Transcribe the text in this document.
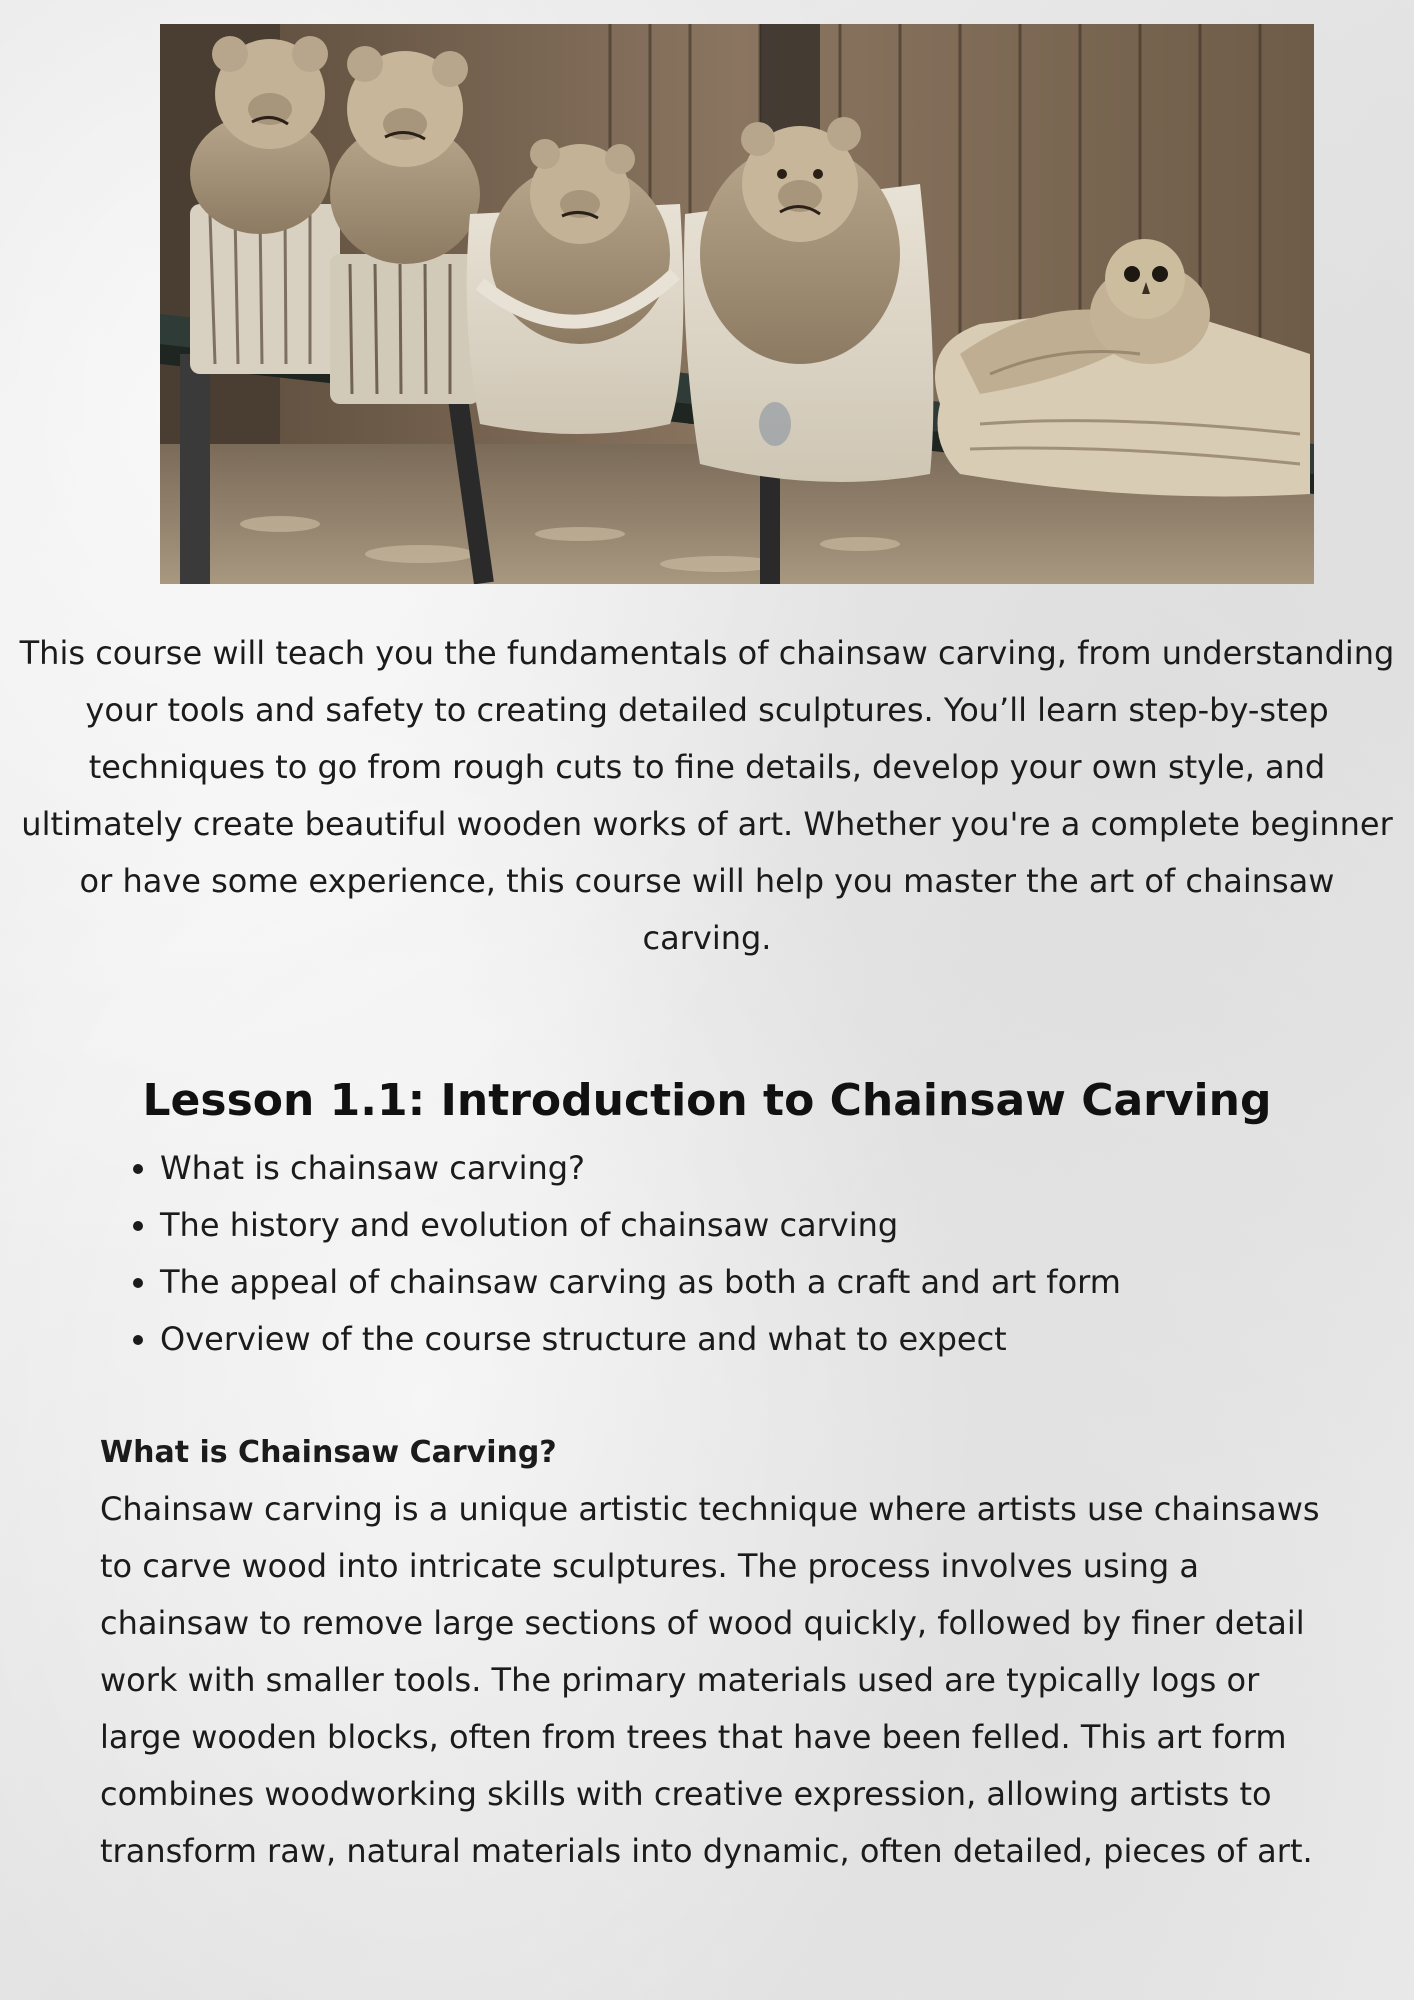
This course will teach you the fundamentals of chainsaw carving, from understanding your tools and safety to creating detailed sculptures. You’ll learn step-by-step techniques to go from rough cuts to fine details, develop your own style, and ultimately create beautiful wooden works of art. Whether you're a complete beginner or have some experience, this course will help you master the art of chainsaw carving.

Lesson 1.1: Introduction to Chainsaw Carving
• What is chainsaw carving?
• The history and evolution of chainsaw carving
• The appeal of chainsaw carving as both a craft and art form
• Overview of the course structure and what to expect
What is Chainsaw Carving?

Chainsaw carving is a unique artistic technique where artists use chainsaws to carve wood into intricate sculptures. The process involves using a chainsaw to remove large sections of wood quickly, followed by finer detail work with smaller tools. The primary materials used are typically logs or large wooden blocks, often from trees that have been felled. This art form combines woodworking skills with creative expression, allowing artists to transform raw, natural materials into dynamic, often detailed, pieces of art.
